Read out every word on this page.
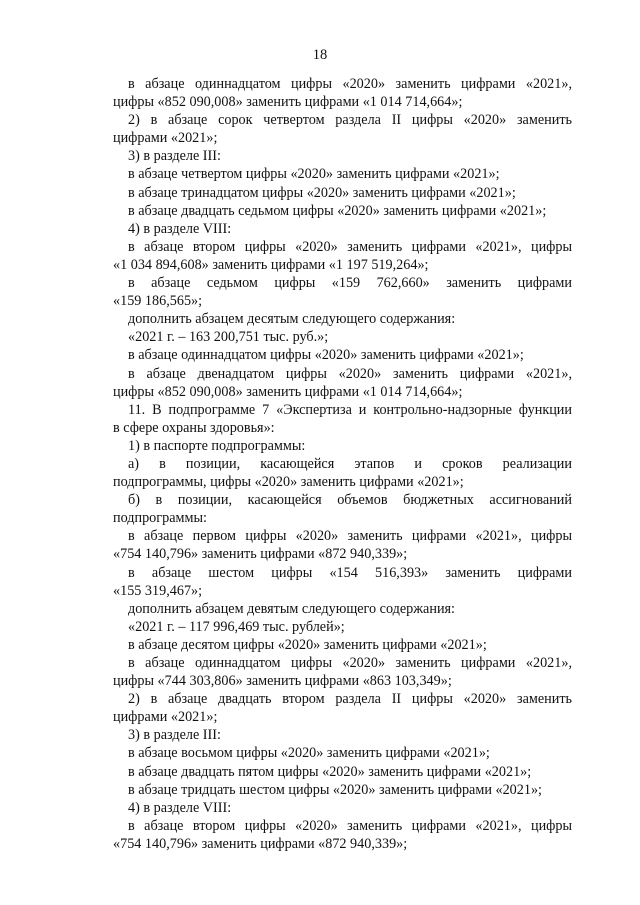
18

в абзаце одиннадцатом цифры «2020» заменить цифрами «2021»,

цифры «852 090,008» заменить цифрами «1 014 714,664»;

2) в абзаце сорок четвертом раздела II цифры «2020» заменить

цифрами «2021»;

3) в разделе III:

в абзаце четвертом цифры «2020» заменить цифрами «2021»;

в абзаце тринадцатом цифры «2020» заменить цифрами «2021»;

в абзаце двадцать седьмом цифры «2020» заменить цифрами «2021»;

4) в разделе VIII:

в абзаце втором цифры «2020» заменить цифрами «2021», цифры

«1 034 894,608» заменить цифрами «1 197 519,264»;

в абзаце седьмом цифры «159 762,660» заменить цифрами

«159 186,565»;

дополнить абзацем десятым следующего содержания:

«2021 г. – 163 200,751 тыс. руб.»;

в абзаце одиннадцатом цифры «2020» заменить цифрами «2021»;

в абзаце двенадцатом цифры «2020» заменить цифрами «2021»,

цифры «852 090,008» заменить цифрами «1 014 714,664»;

11. В подпрограмме 7 «Экспертиза и контрольно-надзорные функции

в сфере охраны здоровья»:

1) в паспорте подпрограммы:

а) в позиции, касающейся этапов и сроков реализации

подпрограммы, цифры «2020» заменить цифрами «2021»;

б) в позиции, касающейся объемов бюджетных ассигнований

подпрограммы:

в абзаце первом цифры «2020» заменить цифрами «2021», цифры

«754 140,796» заменить цифрами «872 940,339»;

в абзаце шестом цифры «154 516,393» заменить цифрами

«155 319,467»;

дополнить абзацем девятым следующего содержания:

«2021 г. – 117 996,469 тыс. рублей»;

в абзаце десятом цифры «2020» заменить цифрами «2021»;

в абзаце одиннадцатом цифры «2020» заменить цифрами «2021»,

цифры «744 303,806» заменить цифрами «863 103,349»;

2) в абзаце двадцать втором раздела II цифры «2020» заменить

цифрами «2021»;

3) в разделе III:

в абзаце восьмом цифры «2020» заменить цифрами «2021»;

в абзаце двадцать пятом цифры «2020» заменить цифрами «2021»;

в абзаце тридцать шестом цифры «2020» заменить цифрами «2021»;

4) в разделе VIII:

в абзаце втором цифры «2020» заменить цифрами «2021», цифры

«754 140,796» заменить цифрами «872 940,339»;
